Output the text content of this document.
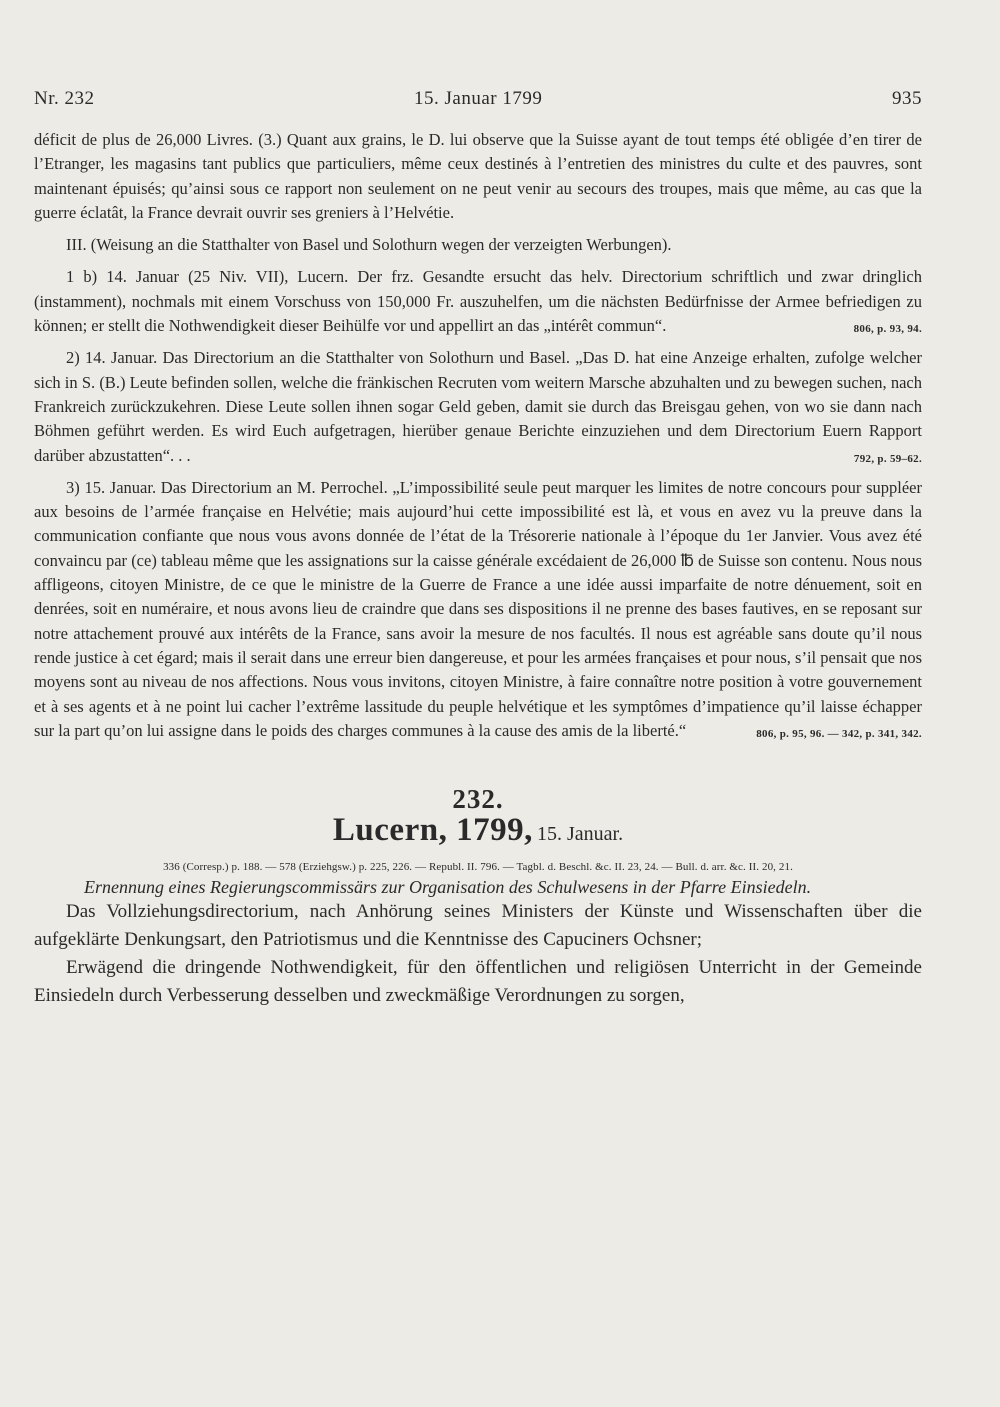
Nr. 232	15. Januar 1799	935

déficit de plus de 26,000 Livres. (3.) Quant aux grains, le D. lui observe que la Suisse ayant de tout temps été obligée d’en tirer de l’Etranger, les magasins tant publics que particuliers, même ceux destinés à l’entretien des ministres du culte et des pauvres, sont maintenant épuisés; qu’ainsi sous ce rapport non seulement on ne peut venir au secours des troupes, mais que même, au cas que la guerre éclatât, la France devrait ouvrir ses greniers à l’Helvétie.

III. (Weisung an die Statthalter von Basel und Solothurn wegen der verzeigten Werbungen).

1 b) 14. Januar (25 Niv. VII), Lucern. Der frz. Gesandte ersucht das helv. Directorium schriftlich und zwar dringlich (instamment), nochmals mit einem Vorschuss von 150,000 Fr. auszuhelfen, um die nächsten Bedürfnisse der Armee befriedigen zu können; er stellt die Nothwendigkeit dieser Beihülfe vor und appellirt an das „intérêt commun“.	806, p. 93, 94.

2) 14. Januar. Das Directorium an die Statthalter von Solothurn und Basel. „Das D. hat eine Anzeige erhalten, zufolge welcher sich in S. (B.) Leute befinden sollen, welche die fränkischen Recruten vom weitern Marsche abzuhalten und zu bewegen suchen, nach Frankreich zurückzukehren. Diese Leute sollen ihnen sogar Geld geben, damit sie durch das Breisgau gehen, von wo sie dann nach Böhmen geführt werden. Es wird Euch aufgetragen, hierüber genaue Berichte einzuziehen und dem Directorium Euern Rapport darüber abzustatten“. . .	792, p. 59–62.

3) 15. Januar. Das Directorium an M. Perrochel. „L’impossibilité seule peut marquer les limites de notre concours pour suppléer aux besoins de l’armée française en Helvétie; mais aujourd’hui cette impossibilité est là, et vous en avez vu la preuve dans la communication confiante que nous vous avons donnée de l’état de la Trésorerie nationale à l’époque du 1er Janvier. Vous avez été convaincu par (ce) tableau même que les assignations sur la caisse générale excédaient de 26,000 ℔ de Suisse son contenu. Nous nous affligeons, citoyen Ministre, de ce que le ministre de la Guerre de France a une idée aussi imparfaite de notre dénuement, soit en denrées, soit en numéraire, et nous avons lieu de craindre que dans ses dispositions il ne prenne des bases fautives, en se reposant sur notre attachement prouvé aux intérêts de la France, sans avoir la mesure de nos facultés. Il nous est agréable sans doute qu’il nous rende justice à cet égard; mais il serait dans une erreur bien dangereuse, et pour les armées françaises et pour nous, s’il pensait que nos moyens sont au niveau de nos affections. Nous vous invitons, citoyen Ministre, à faire connaître notre position à votre gouvernement et à ses agents et à ne point lui cacher l’extrême lassitude du peuple helvétique et les symptômes d’impatience qu’il laisse échapper sur la part qu’on lui assigne dans le poids des charges communes à la cause des amis de la liberté.“	806, p. 95, 96. — 342, p. 341, 342.

232.
Lucern, 1799, 15. Januar.
336 (Corresp.) p. 188. — 578 (Erziehgsw.) p. 225, 226. — Republ. II. 796. — Tagbl. d. Beschl. &c. II. 23, 24. — Bull. d. arr. &c. II. 20, 21.

Ernennung eines Regierungscommissärs zur Organisation des Schulwesens in der Pfarre Einsiedeln.

Das Vollziehungsdirectorium, nach Anhörung seines Ministers der Künste und Wissenschaften über die aufgeklärte Denkungsart, den Patriotismus und die Kenntnisse des Capuciners Ochsner;

Erwägend die dringende Nothwendigkeit, für den öffentlichen und religiösen Unterricht in der Gemeinde Einsiedeln durch Verbesserung desselben und zweckmäßige Verordnungen zu sorgen,
